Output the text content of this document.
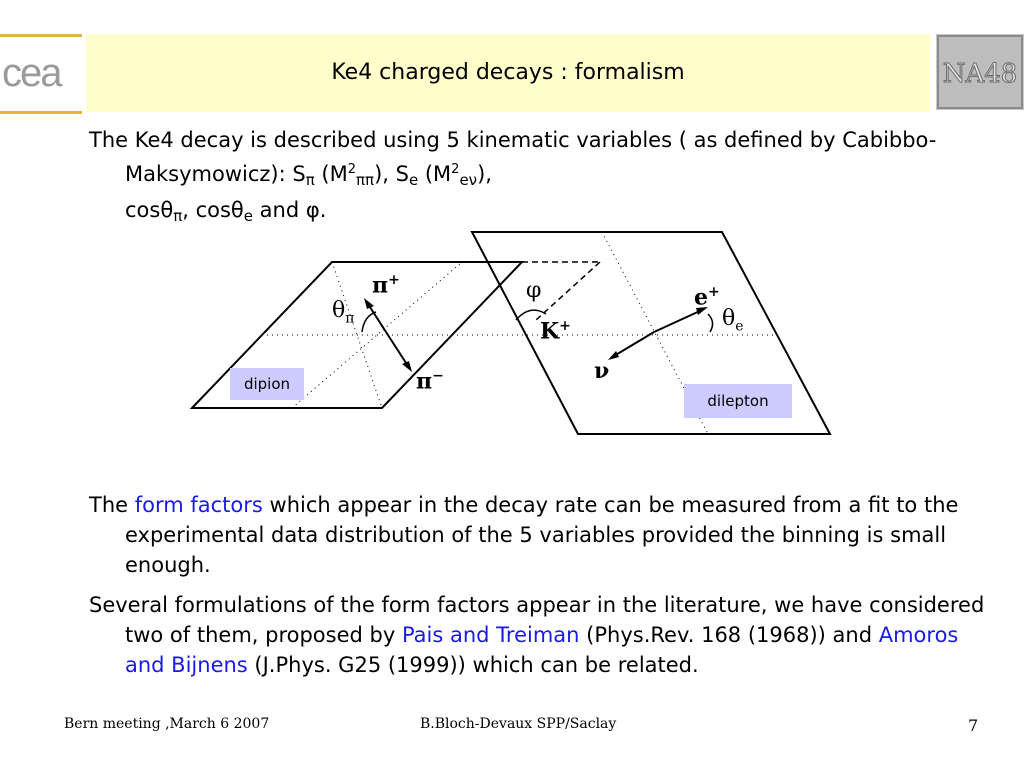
cea	Ke4 charged decays : formalism	NA48

The Ke4 decay is described using 5 kinematic variables ( as defined by Cabibbo-Maksymowicz): Sπ $(M^2\pi\pi)$, Se $(M^2e\nu)$,
cosθπ, cosθe and φ.

π+
$\theta_\pi$
π−
φ
K+
e+
$\theta_e$
ν
dipion
dilepton

The form factors which appear in the decay rate can be measured from a fit to the experimental data distribution of the 5 variables provided the binning is small enough.

Several formulations of the form factors appear in the literature, we have considered two of them, proposed by Pais and Treiman (Phys.Rev. 168 (1968)) and Amoros and Bijnens (J.Phys. G25 (1999)) which can be related.

Bern meeting ,March 6 2007	B.Bloch-Devaux SPP/Saclay	7
